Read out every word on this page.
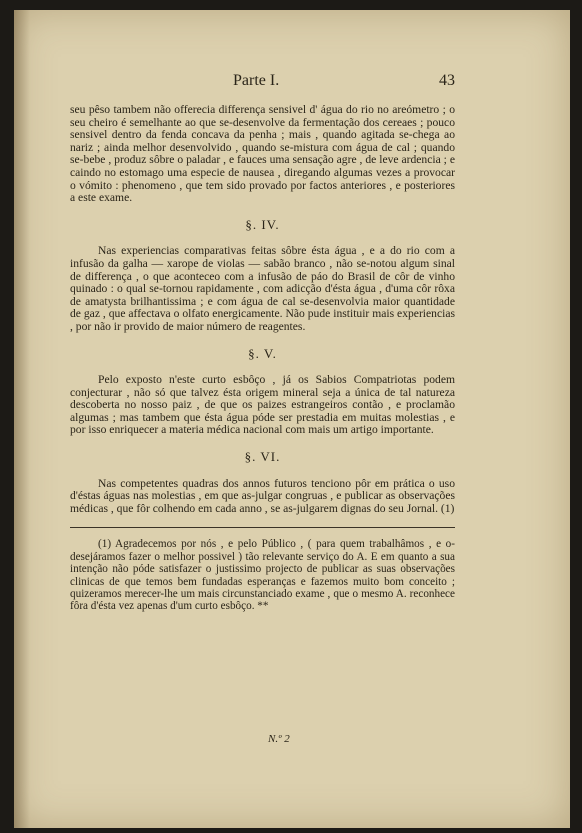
Parte I.	43

seu pêso tambem não offerecia differença sensivel d' água do rio no areómetro ; o seu cheiro é semelhante ao que se-desenvolve da fermentação dos cereaes ; pouco sensivel dentro da fenda concava da penha ; mais , quando agitada se-chega ao nariz ; ainda melhor desenvolvido , quando se-mistura com água de cal ; quando se-bebe , produz sôbre o paladar , e fauces uma sensação agre , de leve ardencia ; e caindo no estomago uma especie de nausea , diregando algumas vezes a provocar o vómito : phenomeno , que tem sido provado por factos anteriores , e posteriores a este exame.

§. IV.

Nas experiencias comparativas feitas sôbre ésta água , e a do rio com a infusão da galha — xarope de violas — sabão branco , não se-notou algum sinal de differença , o que aconteceo com a infusão de páo do Brasil de côr de vinho quinado : o qual se-tornou rapidamente , com adicção d'ésta água , d'uma côr rôxa de amatysta brilhantissima ; e com água de cal se-desenvolvia maior quantidade de gaz , que affectava o olfato energicamente. Não pude instituir mais experiencias , por não ir provido de maior número de reagentes.

§. V.

Pelo exposto n'este curto esbôço , já os Sabios Compatriotas podem conjecturar , não só que talvez ésta origem mineral seja a única de tal natureza descoberta no nosso paiz , de que os paizes estrangeiros contão , e proclamão algumas ; mas tambem que ésta água póde ser prestadia em muitas molestias , e por isso enriquecer a materia médica nacional com mais um artigo importante.

§. VI.

Nas competentes quadras dos annos futuros tenciono pôr em prática o uso d'éstas águas nas molestias , em que as-julgar congruas , e publicar as observações médicas , que fôr colhendo em cada anno , se as-julgarem dignas do seu Jornal. (1)

(1) Agradecemos por nós , e pelo Público , ( para quem trabalhâmos , e o-desejáramos fazer o melhor possivel ) tão relevante serviço do A. E em quanto a sua intenção não póde satisfazer o justissimo projecto de publicar as suas observações clinicas de que temos bem fundadas esperanças e fazemos muito bom conceito ; quizeramos merecer-lhe um mais circunstanciado exame , que o mesmo A. reconhece fôra d'ésta vez apenas d'um curto esbôço. **

N.º 2
